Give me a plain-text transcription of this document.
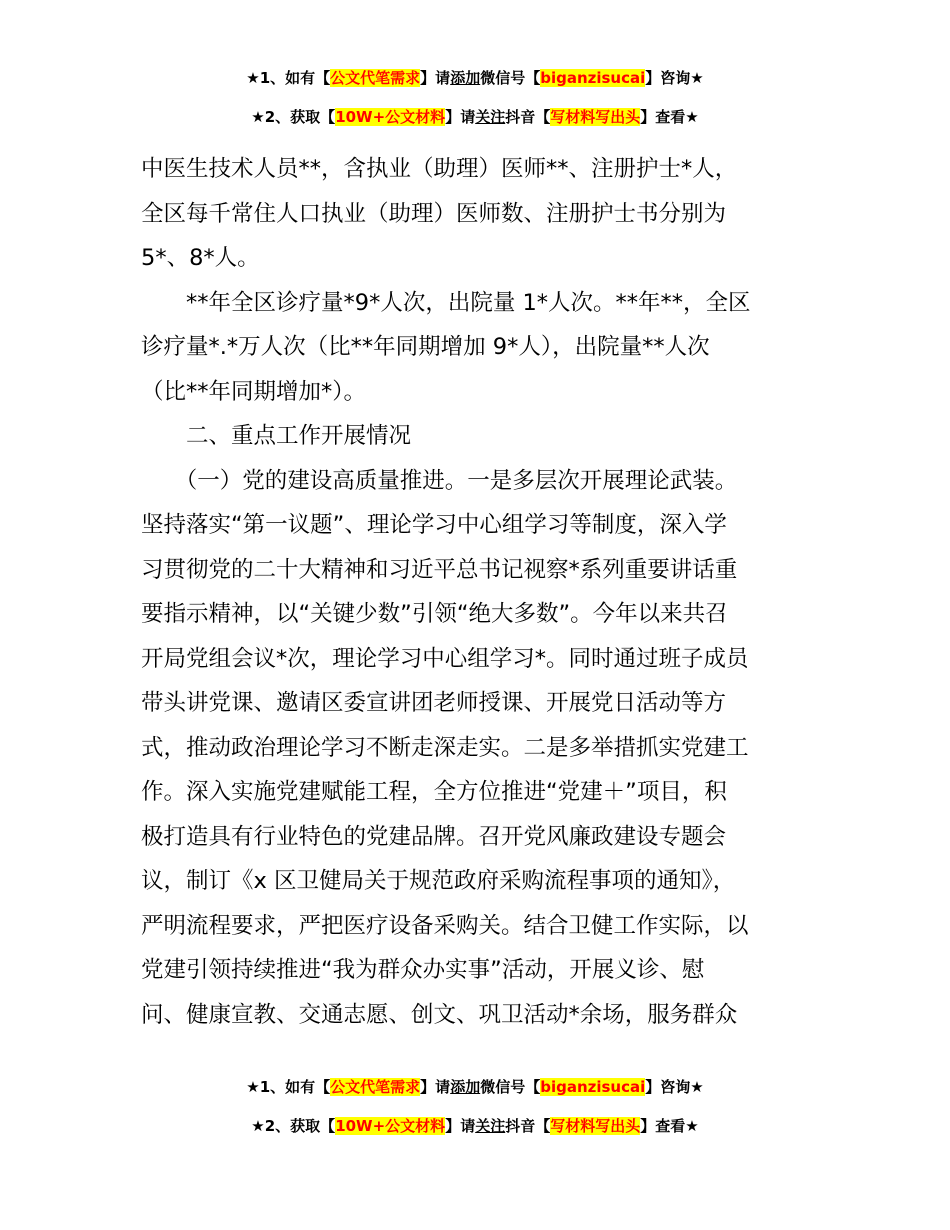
★1、如有【公文代笔需求】请添加微信号【biganzisucai】咨询★
★2、获取【10W+公文材料】请关注抖音【写材料写出头】查看★
中医生技术人员**，含执业（助理）医师**、注册护士*人，
全区每千常住人口执业（助理）医师数、注册护士书分别为
5*、8*人。
　　**年全区诊疗量*9*人次，出院量 1*人次。**年**，全区
诊疗量*.*万人次（比**年同期增加 9*人），出院量**人次
（比**年同期增加*）。
　　二、重点工作开展情况
　　（一）党的建设高质量推进。一是多层次开展理论武装。
坚持落实“第一议题”、理论学习中心组学习等制度，深入学
习贯彻党的二十大精神和习近平总书记视察*系列重要讲话重
要指示精神，以“关键少数”引领“绝大多数”。今年以来共召
开局党组会议*次，理论学习中心组学习*。同时通过班子成员
带头讲党课、邀请区委宣讲团老师授课、开展党日活动等方
式，推动政治理论学习不断走深走实。二是多举措抓实党建工
作。深入实施党建赋能工程，全方位推进“党建＋”项目，积
极打造具有行业特色的党建品牌。召开党风廉政建设专题会
议，制订《x 区卫健局关于规范政府采购流程事项的通知》，
严明流程要求，严把医疗设备采购关。结合卫健工作实际，以
党建引领持续推进“我为群众办实事”活动，开展义诊、慰
问、健康宣教、交通志愿、创文、巩卫活动*余场，服务群众
★1、如有【公文代笔需求】请添加微信号【biganzisucai】咨询★
★2、获取【10W+公文材料】请关注抖音【写材料写出头】查看★
